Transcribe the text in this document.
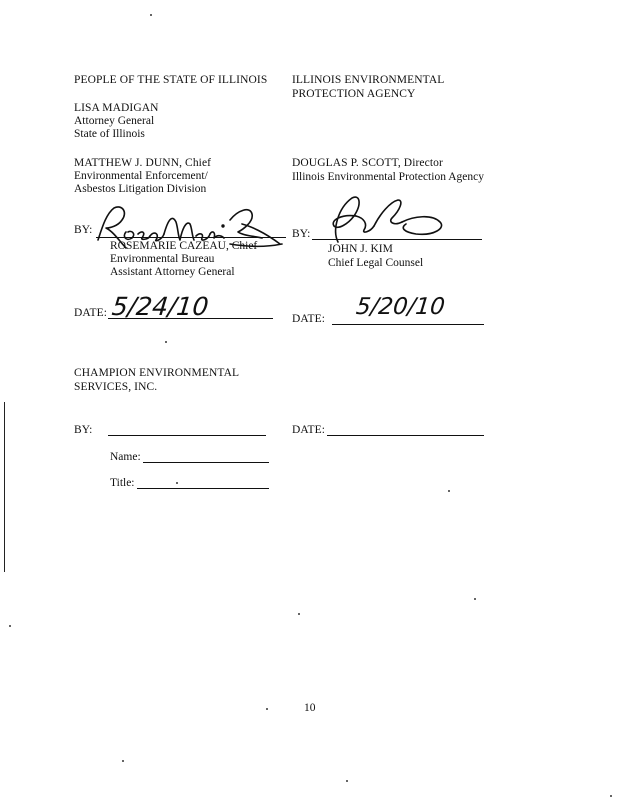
PEOPLE OF THE STATE OF ILLINOIS
LISA MADIGAN
Attorney General
State of Illinois
MATTHEW J. DUNN, Chief
Environmental Enforcement/
Asbestos Litigation Division
BY:
ROSEMARIE CAZEAU, Chief
Environmental Bureau
Assistant Attorney General
DATE: 5/24/10
ILLINOIS ENVIRONMENTAL
PROTECTION AGENCY
DOUGLAS P. SCOTT, Director
Illinois Environmental Protection Agency
BY:
JOHN J. KIM
Chief Legal Counsel
DATE: 5/20/10
CHAMPION ENVIRONMENTAL
SERVICES, INC.
BY:	DATE:
Name:
Title:
10
